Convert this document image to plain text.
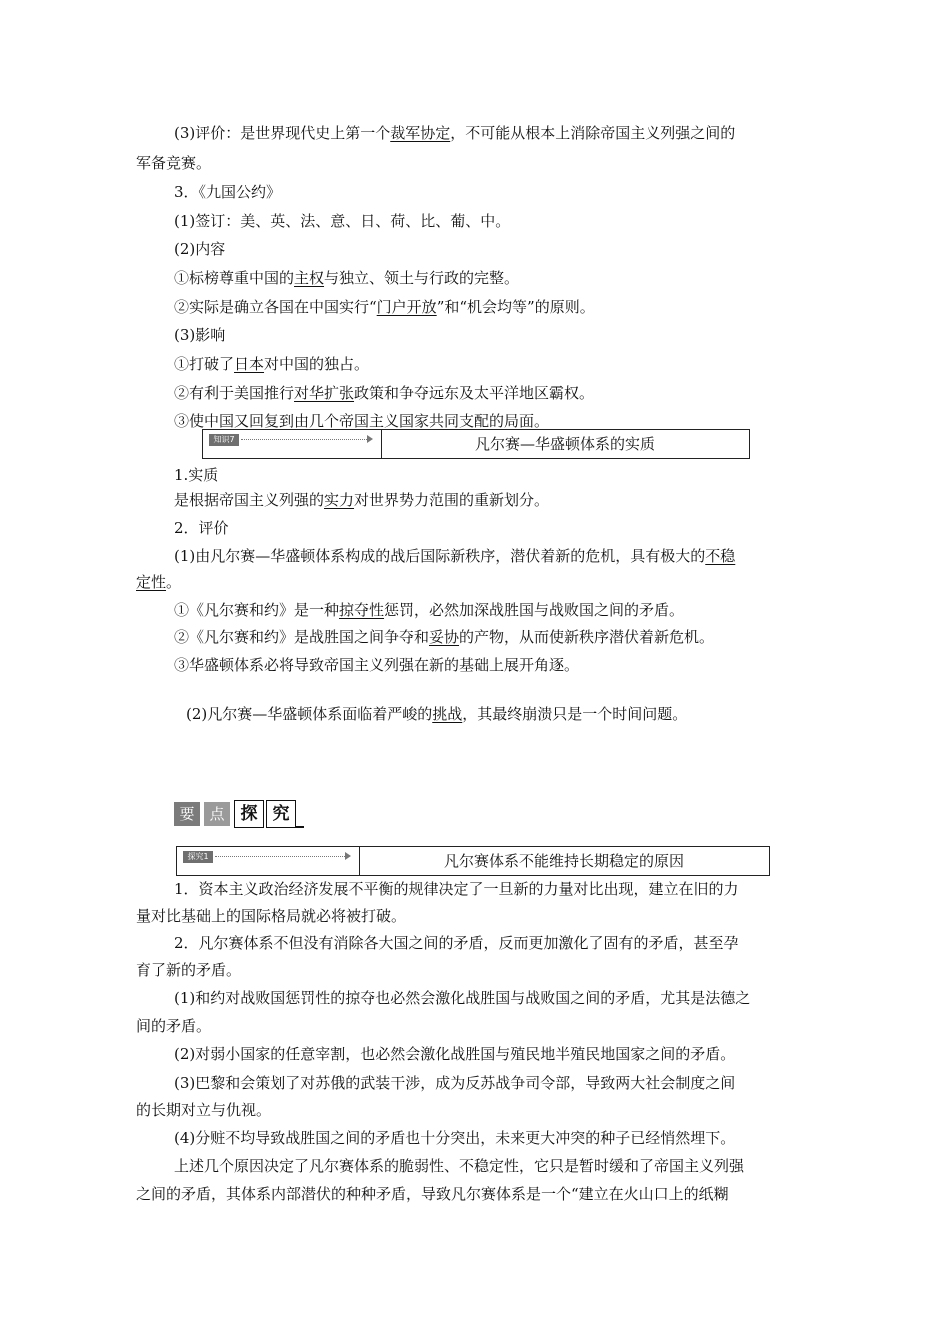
(3)评价：是世界现代史上第一个裁军协定，不可能从根本上消除帝国主义列强之间的
军备竞赛。
3．《九国公约》
(1)签订：美、英、法、意、日、荷、比、葡、中。
(2)内容
①标榜尊重中国的主权与独立、领土与行政的完整。
②实际是确立各国在中国实行“门户开放”和“机会均等”的原则。
(3)影响
①打破了日本对中国的独占。
②有利于美国推行对华扩张政策和争夺远东及太平洋地区霸权。
③使中国又回复到由几个帝国主义国家共同支配的局面。
知识7	凡尔赛—华盛顿体系的实质
1.实质
是根据帝国主义列强的实力对世界势力范围的重新划分。
2．评价
(1)由凡尔赛—华盛顿体系构成的战后国际新秩序，潜伏着新的危机，具有极大的不稳
定性。
①《凡尔赛和约》是一种掠夺性惩罚，必然加深战胜国与战败国之间的矛盾。
②《凡尔赛和约》是战胜国之间争夺和妥协的产物，从而使新秩序潜伏着新危机。
③华盛顿体系必将导致帝国主义列强在新的基础上展开角逐。
(2)凡尔赛—华盛顿体系面临着严峻的挑战，其最终崩溃只是一个时间问题。
要 点 探 究
探究1	凡尔赛体系不能维持长期稳定的原因
1．资本主义政治经济发展不平衡的规律决定了一旦新的力量对比出现，建立在旧的力
量对比基础上的国际格局就必将被打破。
2．凡尔赛体系不但没有消除各大国之间的矛盾，反而更加激化了固有的矛盾，甚至孕
育了新的矛盾。
(1)和约对战败国惩罚性的掠夺也必然会激化战胜国与战败国之间的矛盾，尤其是法德之
间的矛盾。
(2)对弱小国家的任意宰割，也必然会激化战胜国与殖民地半殖民地国家之间的矛盾。
(3)巴黎和会策划了对苏俄的武装干涉，成为反苏战争司令部，导致两大社会制度之间
的长期对立与仇视。
(4)分赃不均导致战胜国之间的矛盾也十分突出，未来更大冲突的种子已经悄然埋下。
上述几个原因决定了凡尔赛体系的脆弱性、不稳定性，它只是暂时缓和了帝国主义列强
之间的矛盾，其体系内部潜伏的种种矛盾，导致凡尔赛体系是一个“建立在火山口上的纸糊
